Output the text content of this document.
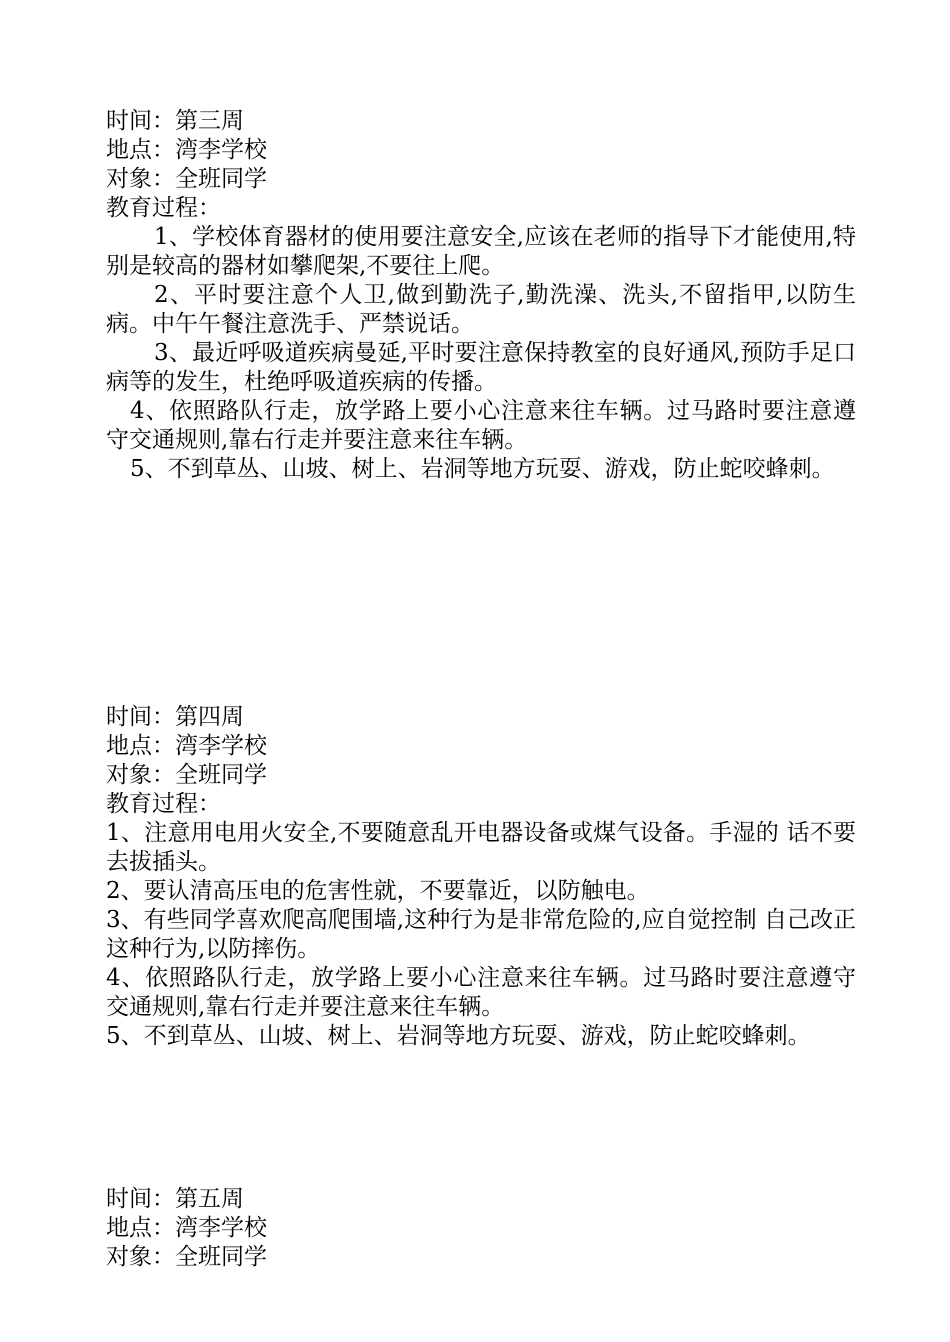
时间：第三周
地点：湾李学校
对象：全班同学
教育过程：
1、学校体育器材的使用要注意安全,应该在老师的指导下才能使用,特别是较高的器材如攀爬架,不要往上爬。
2、平时要注意个人卫,做到勤洗子,勤洗澡、洗头,不留指甲,以防生病。中午午餐注意洗手、严禁说话。
3、最近呼吸道疾病曼延,平时要注意保持教室的良好通风,预防手足口病等的发生，杜绝呼吸道疾病的传播。
4、依照路队行走，放学路上要小心注意来往车辆。过马路时要注意遵守交通规则,靠右行走并要注意来往车辆。
5、不到草丛、山坡、树上、岩洞等地方玩耍、游戏，防止蛇咬蜂刺。
时间：第四周
地点：湾李学校
对象：全班同学
教育过程：
1、注意用电用火安全,不要随意乱开电器设备或煤气设备。手湿的 话不要去拔插头。
2、要认清高压电的危害性就，不要靠近，以防触电。
3、有些同学喜欢爬高爬围墙,这种行为是非常危险的,应自觉控制 自己改正这种行为,以防摔伤。
4、依照路队行走，放学路上要小心注意来往车辆。过马路时要注意遵守交通规则,靠右行走并要注意来往车辆。
5、不到草丛、山坡、树上、岩洞等地方玩耍、游戏，防止蛇咬蜂刺。
时间：第五周
地点：湾李学校
对象：全班同学
